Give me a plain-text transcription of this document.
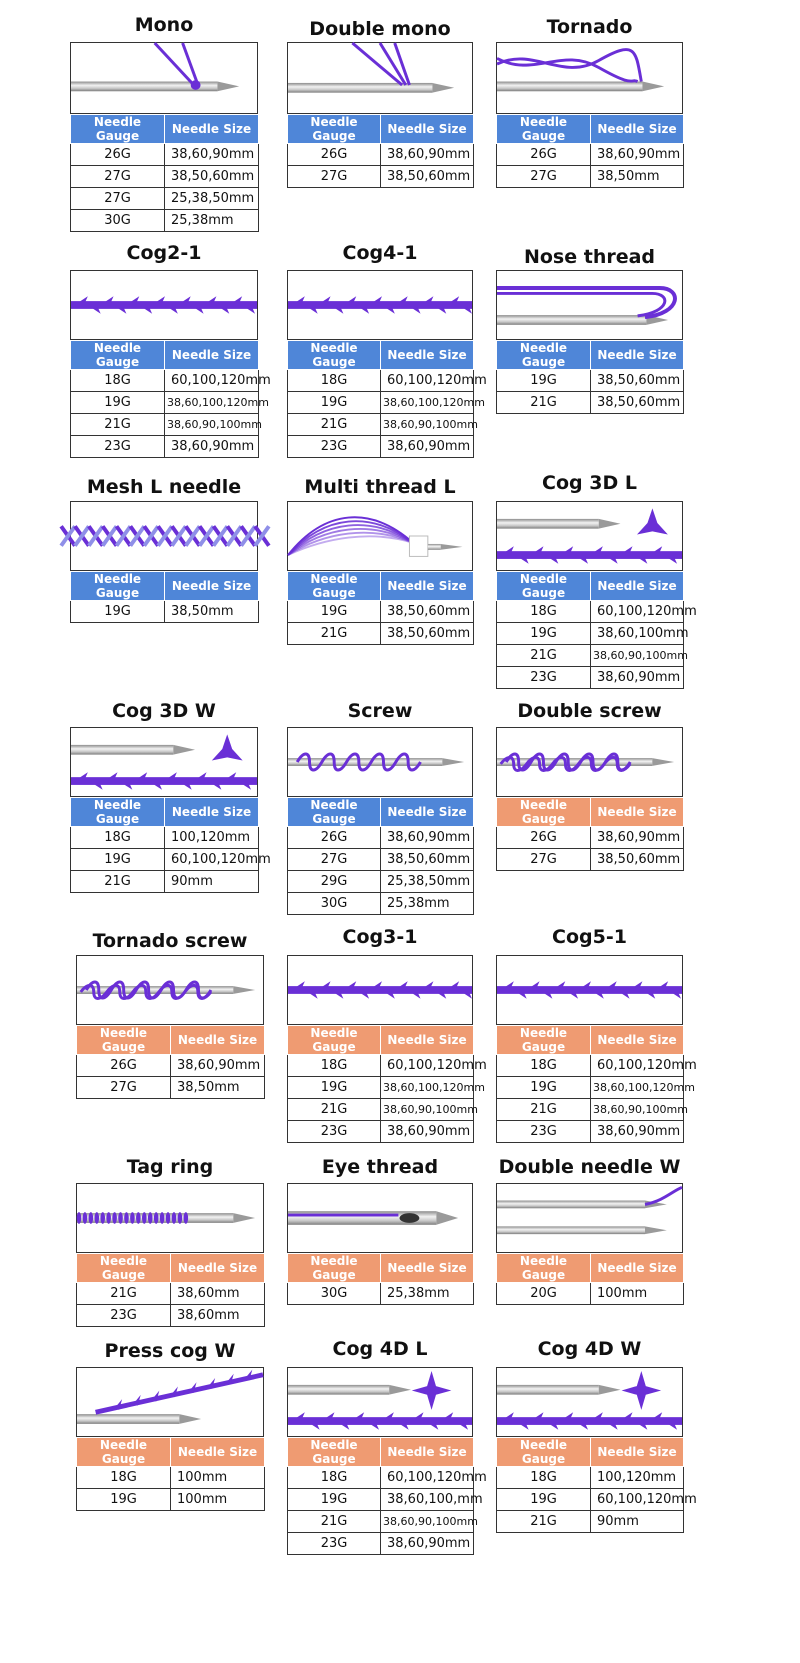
Mono
Needle Gauge	Needle Size
26G	38,60,90mm
27G	38,50,60mm
27G	25,38,50mm
30G	25,38mm
Double mono
Needle Gauge	Needle Size
26G	38,60,90mm
27G	38,50,60mm
Tornado
Needle Gauge	Needle Size
26G	38,60,90mm
27G	38,50mm
Cog2-1
Needle Gauge	Needle Size
18G	60,100,120mm
19G	38,60,100,120mm
21G	38,60,90,100mm
23G	38,60,90mm
Cog4-1
Needle Gauge	Needle Size
18G	60,100,120mm
19G	38,60,100,120mm
21G	38,60,90,100mm
23G	38,60,90mm
Nose thread
Needle Gauge	Needle Size
19G	38,50,60mm
21G	38,50,60mm
Mesh L needle
Needle Gauge	Needle Size
19G	38,50mm
Multi thread L
Needle Gauge	Needle Size
19G	38,50,60mm
21G	38,50,60mm
Cog 3D L
Needle Gauge	Needle Size
18G	60,100,120mm
19G	38,60,100mm
21G	38,60,90,100mm
23G	38,60,90mm
Cog 3D W
Needle Gauge	Needle Size
18G	100,120mm
19G	60,100,120mm
21G	90mm
Screw
Needle Gauge	Needle Size
26G	38,60,90mm
27G	38,50,60mm
29G	25,38,50mm
30G	25,38mm
Double screw
Needle Gauge	Needle Size
26G	38,60,90mm
27G	38,50,60mm
Tornado screw
Needle Gauge	Needle Size
26G	38,60,90mm
27G	38,50mm
Cog3-1
Needle Gauge	Needle Size
18G	60,100,120mm
19G	38,60,100,120mm
21G	38,60,90,100mm
23G	38,60,90mm
Cog5-1
Needle Gauge	Needle Size
18G	60,100,120mm
19G	38,60,100,120mm
21G	38,60,90,100mm
23G	38,60,90mm
Tag ring
Needle Gauge	Needle Size
21G	38,60mm
23G	38,60mm
Eye thread
Needle Gauge	Needle Size
30G	25,38mm
Double needle W
Needle Gauge	Needle Size
20G	100mm
Press cog W
Needle Gauge	Needle Size
18G	100mm
19G	100mm
Cog 4D L
Needle Gauge	Needle Size
18G	60,100,120mm
19G	38,60,100,mm
21G	38,60,90,100mm
23G	38,60,90mm
Cog 4D W
Needle Gauge	Needle Size
18G	100,120mm
19G	60,100,120mm
21G	90mm
